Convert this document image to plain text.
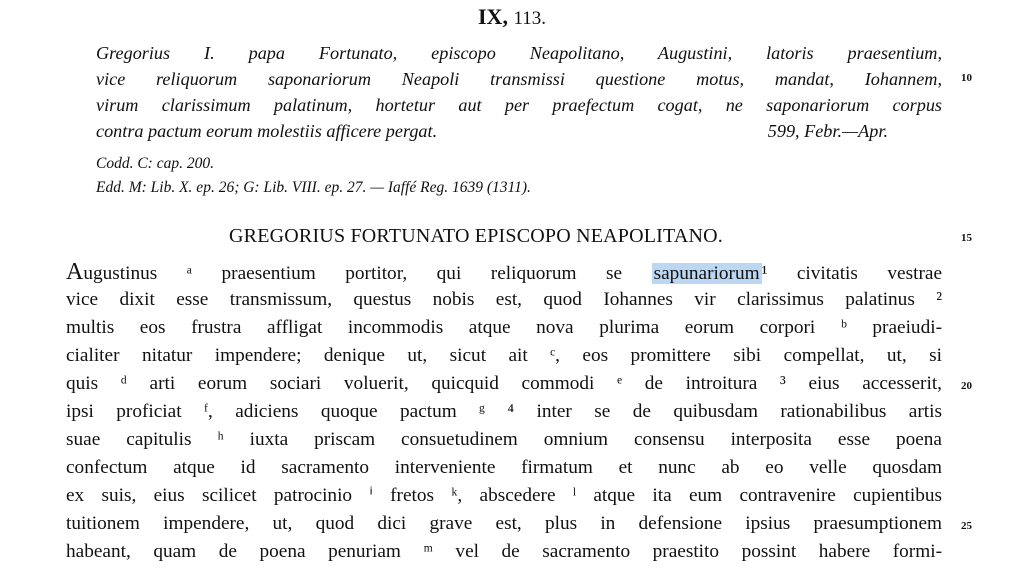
IX, 113.
Gregorius I. papa Fortunato, episcopo Neapolitano, Augustini, latoris praesentium,
vice reliquorum saponariorum Neapoli transmissi questione motus, mandat, Iohannem,
virum clarissimum palatinum, hortetur aut per praefectum cogat, ne saponariorum corpus
contra pactum eorum molestiis afficere pergat.	599, Febr.—Apr.
Codd. C: cap. 200.
Edd. M: Lib. X. ep. 26; G: Lib. VIII. ep. 27. — Iaffé Reg. 1639 (1311).
GREGORIUS FORTUNATO EPISCOPO NEAPOLITANO.
Augustinus ᵃ praesentium portitor, qui reliquorum se sapunariorum ¹ civitatis vestrae
vice dixit esse transmissum, questus nobis est, quod Iohannes vir clarissimus palatinus ²
multis eos frustra affligat incommodis atque nova plurima eorum corpori ᵇ praeiudi-
cialiter nitatur impendere; denique ut, sicut ait ᶜ, eos promittere sibi compellat, ut, si
quis ᵈ arti eorum sociari voluerit, quicquid commodi ᵉ de introitura ³ eius accesserit,
ipsi proficiat ᶠ, adiciens quoque pactum ᵍ ⁴ inter se de quibusdam rationabilibus artis
suae capitulis ʰ iuxta priscam consuetudinem omnium consensu interposita esse poena
confectum atque id sacramento interveniente firmatum et nunc ab eo velle quosdam
ex suis, eius scilicet patrocinio ⁱ fretos ᵏ, abscedere ˡ atque ita eum contravenire cupientibus
tuitionem impendere, ut, quod dici grave est, plus in defensione ipsius praesumptionem
habeant, quam de poena penuriam ᵐ vel de sacramento praestito possint habere formi-
10
15
20
25
